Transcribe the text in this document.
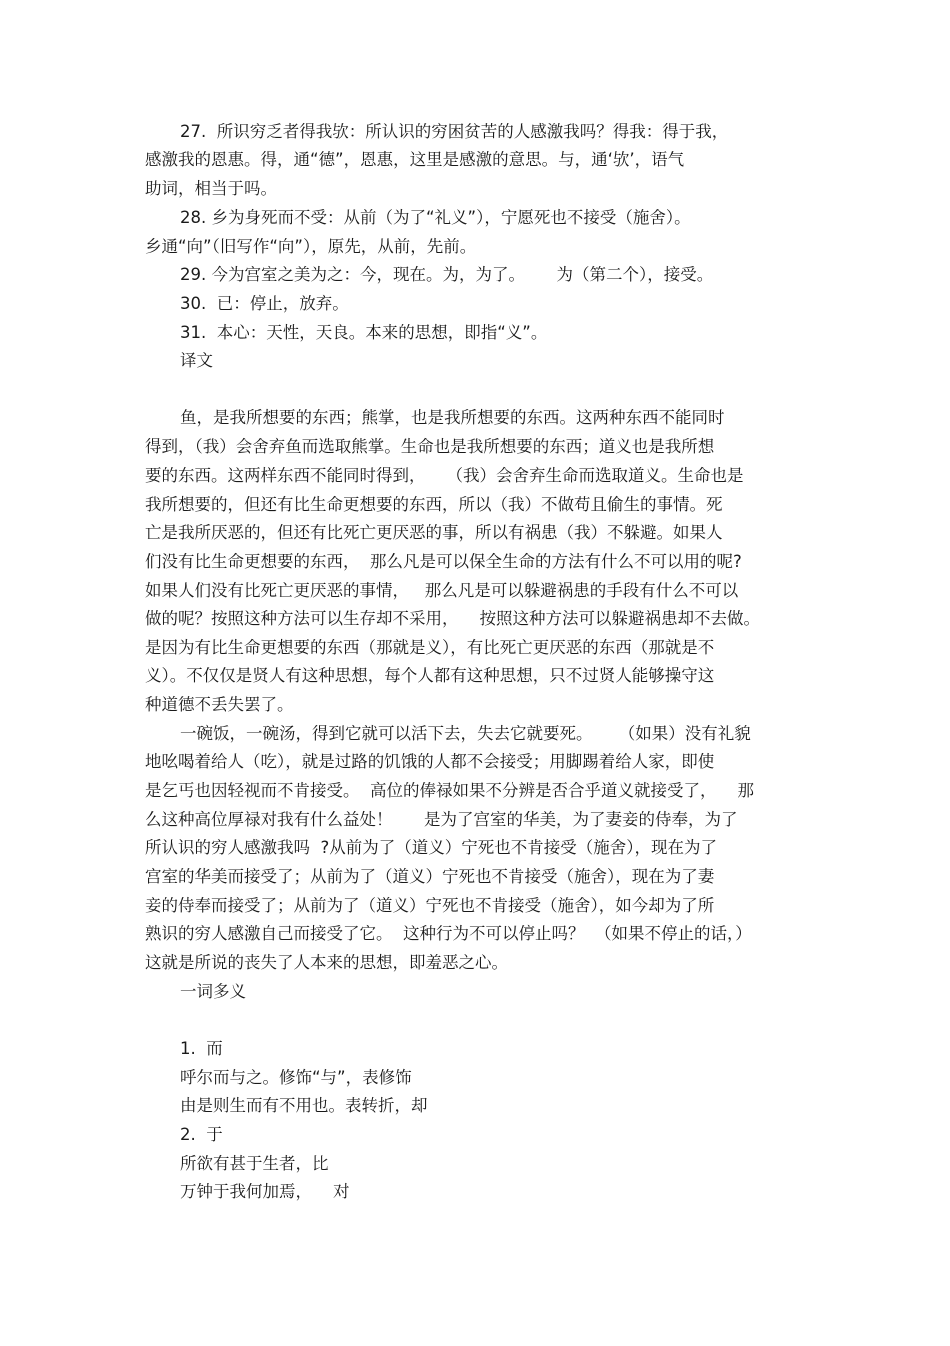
27.  所识穷乏者得我欤：所认识的穷困贫苦的人感激我吗？得我：得于我，
感激我的恩惠。得，通“德”，恩惠，这里是感激的意思。与，通‘欤’，语气
助词，相当于吗。
28. 乡为身死而不受：从前（为了“礼义”），宁愿死也不接受（施舍）。
乡通“向”（旧写作“向”），原先，从前，先前。
29. 今为宫室之美为之：今，现在。为，为了。      为（第二个），接受。
30.  已：停止，放弃。
31.  本心：天性，天良。本来的思想，即指“义”。
译文
鱼，是我所想要的东西；熊掌，也是我所想要的东西。这两种东西不能同时
得到，（我）会舍弃鱼而选取熊掌。生命也是我所想要的东西；道义也是我所想
要的东西。这两样东西不能同时得到，    （我）会舍弃生命而选取道义。生命也是
我所想要的，但还有比生命更想要的东西，所以（我）不做苟且偷生的事情。死
亡是我所厌恶的，但还有比死亡更厌恶的事，所以有祸患（我）不躲避。如果人
们没有比生命更想要的东西，  那么凡是可以保全生命的方法有什么不可以用的呢?
如果人们没有比死亡更厌恶的事情，   那么凡是可以躲避祸患的手段有什么不可以
做的呢？按照这种方法可以生存却不采用，    按照这种方法可以躲避祸患却不去做。
是因为有比生命更想要的东西（那就是义），有比死亡更厌恶的东西（那就是不
义）。不仅仅是贤人有这种思想，每个人都有这种思想，只不过贤人能够操守这
种道德不丢失罢了。
一碗饭，一碗汤，得到它就可以活下去，失去它就要死。     （如果）没有礼貌
地吆喝着给人（吃），就是过路的饥饿的人都不会接受；用脚踢着给人家，即使
是乞丐也因轻视而不肯接受。  高位的俸禄如果不分辨是否合乎道义就接受了，    那
么这种高位厚禄对我有什么益处！      是为了宫室的华美，为了妻妾的侍奉，为了
所认识的穷人感激我吗  ?从前为了（道义）宁死也不肯接受（施舍），现在为了
宫室的华美而接受了；从前为了（道义）宁死也不肯接受（施舍），现在为了妻
妾的侍奉而接受了；从前为了（道义）宁死也不肯接受（施舍），如今却为了所
熟识的穷人感激自己而接受了它。  这种行为不可以停止吗？  （如果不停止的话，）
这就是所说的丧失了人本来的思想，即羞恶之心。
一词多义
1.  而
呼尔而与之。修饰“与”，表修饰
由是则生而有不用也。表转折，却
2.  于
所欲有甚于生者，比
万钟于我何加焉，    对
